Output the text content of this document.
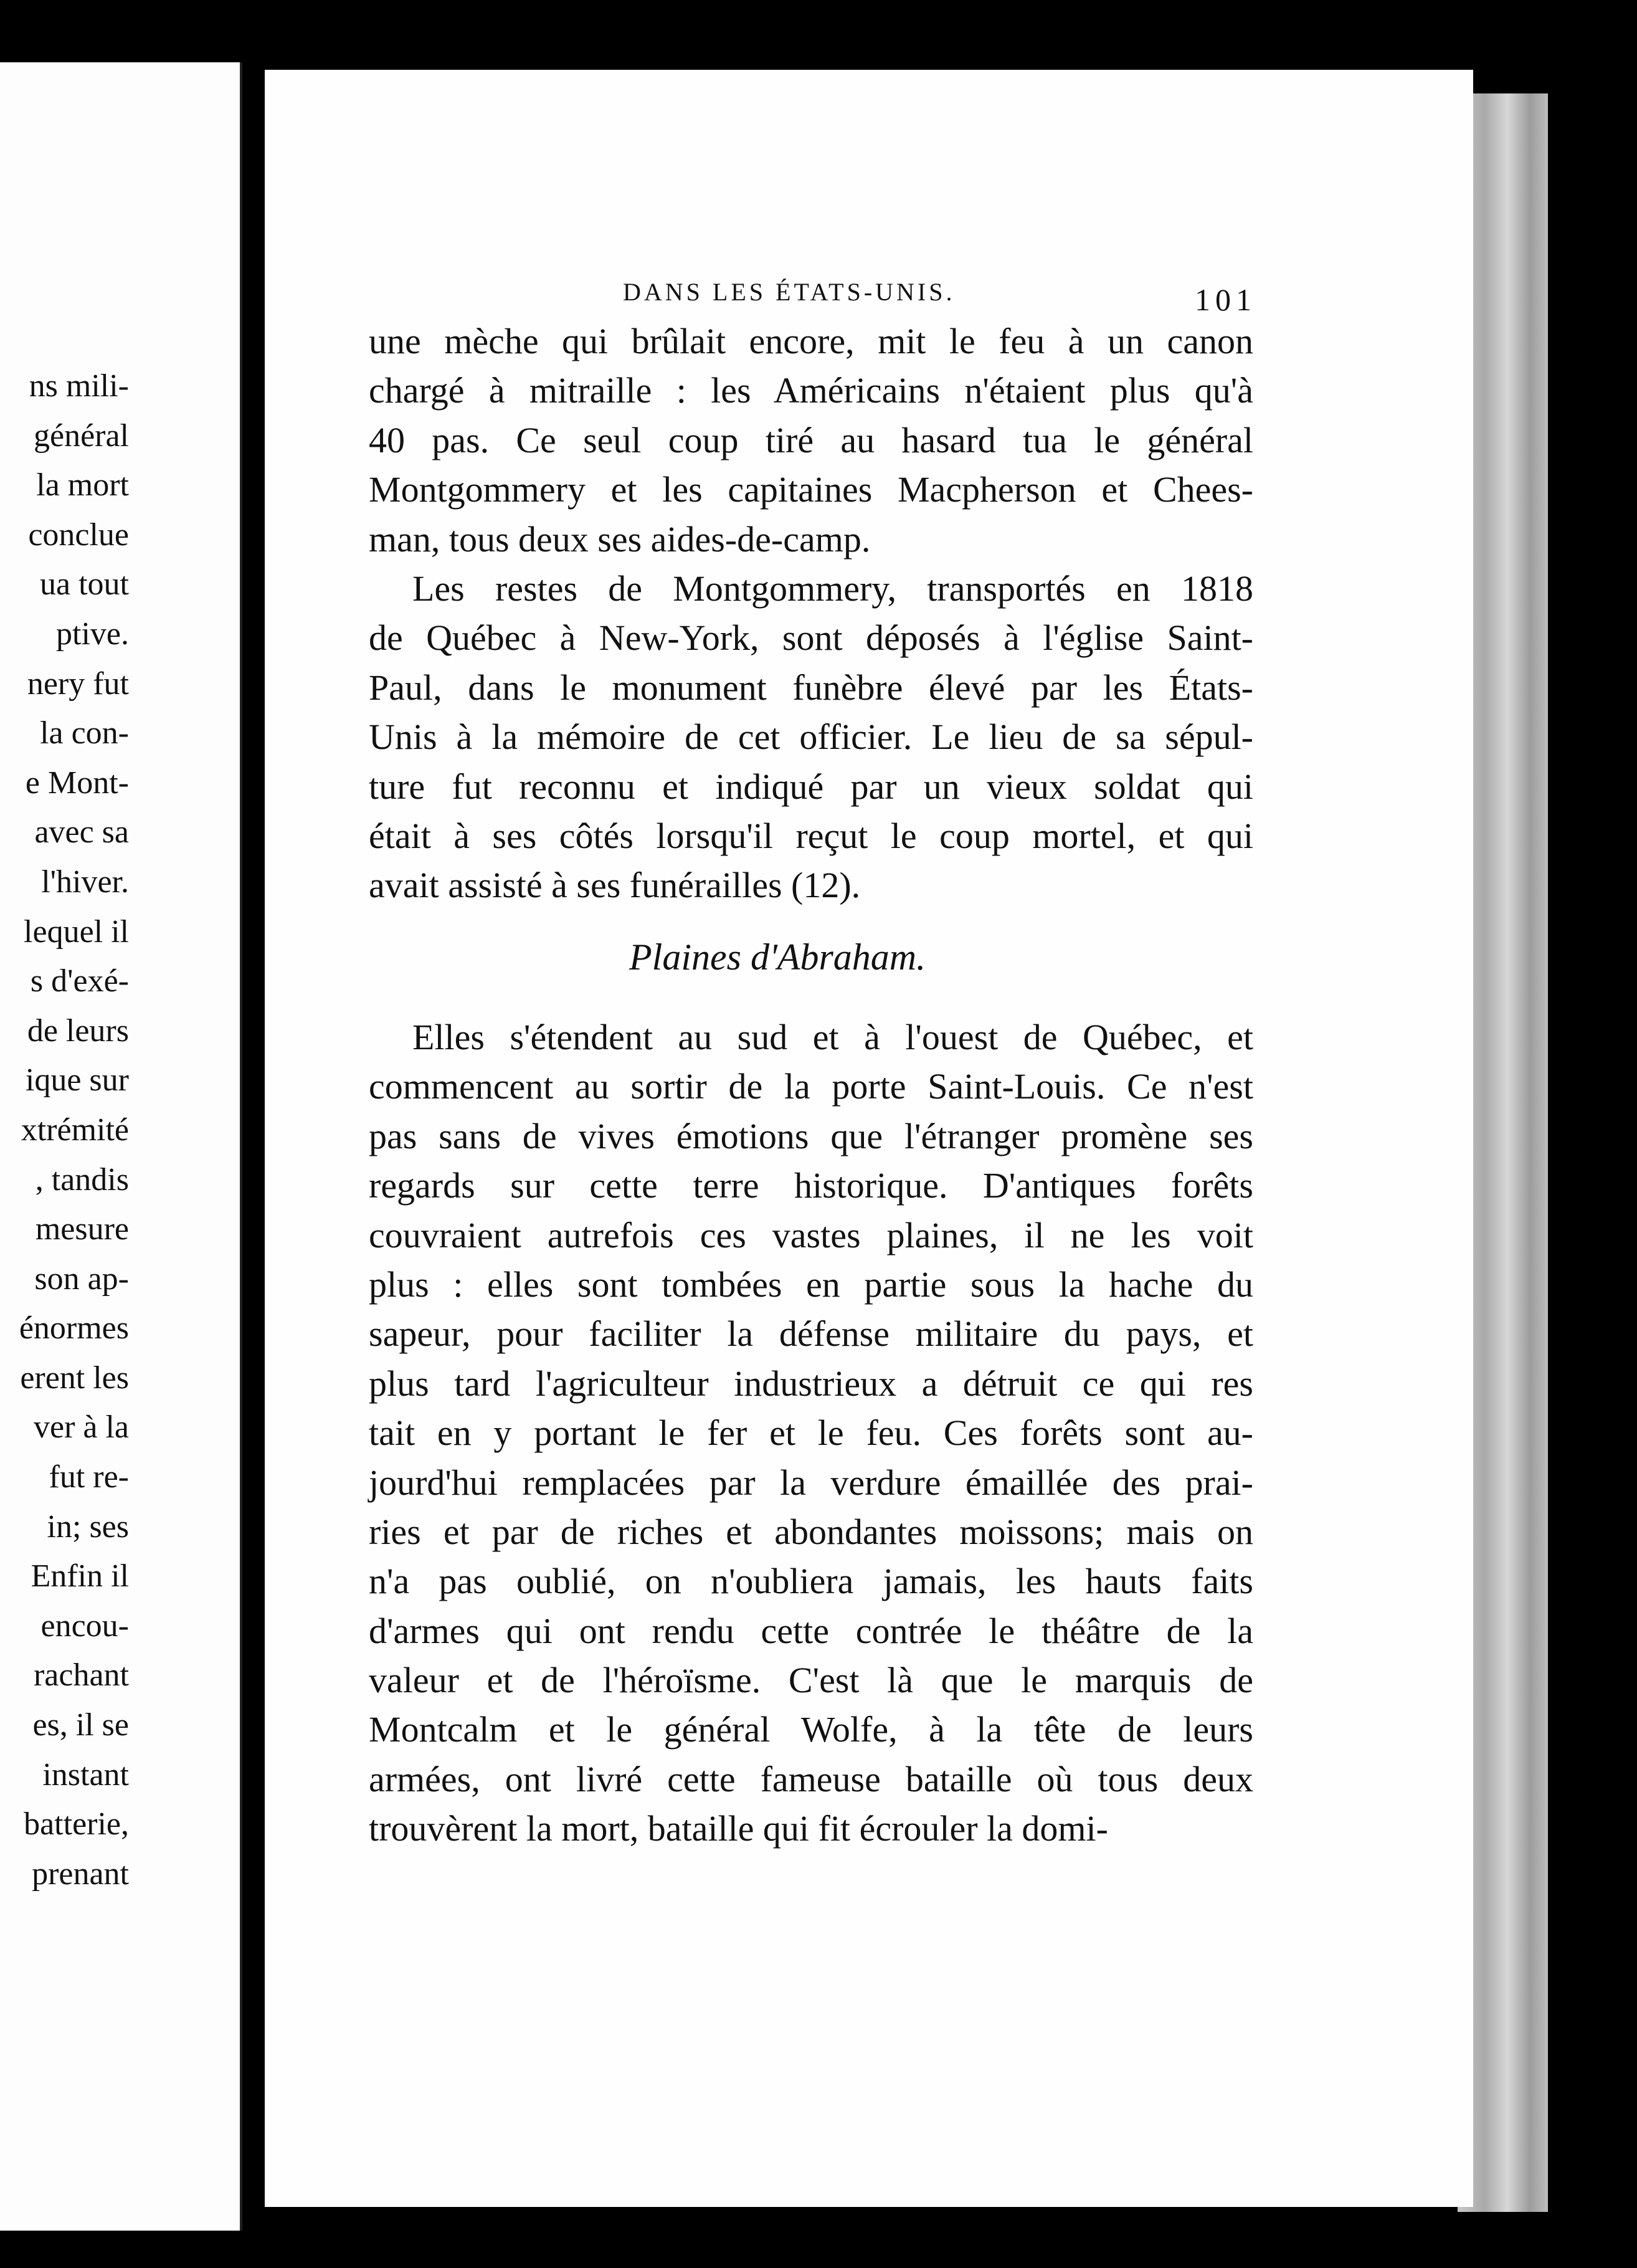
ns mili-
général
la mort
conclue
ua tout
ptive.
nery fut
la con-
e Mont-
avec sa
l'hiver.
lequel il
s d'exé-
de leurs
ique sur
xtrémité
, tandis
mesure
son ap-
énormes
erent les
ver à la
fut re-
in; ses
Enfin il
encou-
rachant
es, il se
instant
batterie,
prenant
DANS LES ÉTATS-UNIS.	101
une mèche qui brûlait encore, mit le feu à un canon
chargé à mitraille : les Américains n'étaient plus qu'à
40 pas. Ce seul coup tiré au hasard tua le général
Montgommery et les capitaines Macpherson et Chees-
man, tous deux ses aides-de-camp.
Les restes de Montgommery, transportés en 1818
de Québec à New-York, sont déposés à l'église Saint-
Paul, dans le monument funèbre élevé par les États-
Unis à la mémoire de cet officier. Le lieu de sa sépul-
ture fut reconnu et indiqué par un vieux soldat qui
était à ses côtés lorsqu'il reçut le coup mortel, et qui
avait assisté à ses funérailles (12).
Plaines d'Abraham.
Elles s'étendent au sud et à l'ouest de Québec, et
commencent au sortir de la porte Saint-Louis. Ce n'est
pas sans de vives émotions que l'étranger promène ses
regards sur cette terre historique. D'antiques forêts
couvraient autrefois ces vastes plaines, il ne les voit
plus : elles sont tombées en partie sous la hache du
sapeur, pour faciliter la défense militaire du pays, et
plus tard l'agriculteur industrieux a détruit ce qui res
tait en y portant le fer et le feu. Ces forêts sont au-
jourd'hui remplacées par la verdure émaillée des prai-
ries et par de riches et abondantes moissons; mais on
n'a pas oublié, on n'oubliera jamais, les hauts faits
d'armes qui ont rendu cette contrée le théâtre de la
valeur et de l'héroïsme. C'est là que le marquis de
Montcalm et le général Wolfe, à la tête de leurs
armées, ont livré cette fameuse bataille où tous deux
trouvèrent la mort, bataille qui fit écrouler la domi-
